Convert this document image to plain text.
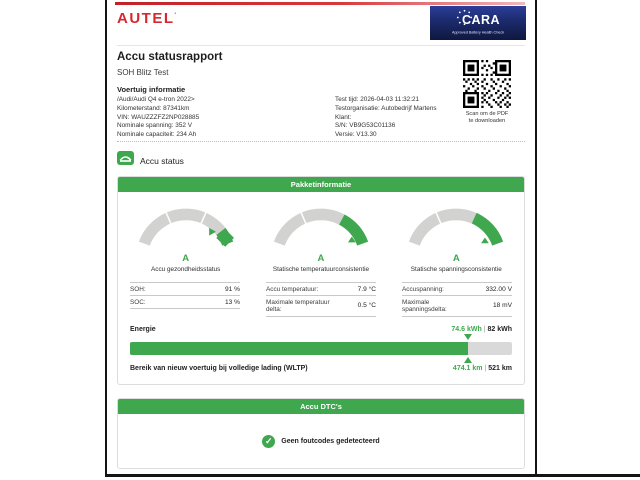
AUTEL'	CARA
Approved Battery Health Check
Accu statusrapport
SOH Blitz Test
Voertuig informatie
/Audi/Audi Q4 e-tron 2022>
Kilometerstand: 87341km
VIN: WAUZZZFZ2NP028885
Nominale spanning: 352 V
Nominale capaciteit: 234 Ah
Test tijd: 2026-04-03 11:32:21
Testorganisatie: Autobedrijf Martens
Klant:
S/N: VB9G53C01136
Versie: V13.30
Scan om de PDF
te downloaden
Accu status
Pakketinformatie
A
Accu gezondheidsstatus
A
Statische temperatuurconsistentie
A
Statische spanningsconsistentie
SOH:	91 %
SOC:	13 %
Accu temperatuur:	7.9 °C
Maximale temperatuur delta:	0.5 °C
Accuspanning:	332.00 V
Maximale spanningsdelta:	18 mV
Energie	74.6 kWh | 82 kWh
Bereik van nieuw voertuig bij volledige lading (WLTP)	474.1 km | 521 km
Accu DTC's
✓	Geen foutcodes gedetecteerd
